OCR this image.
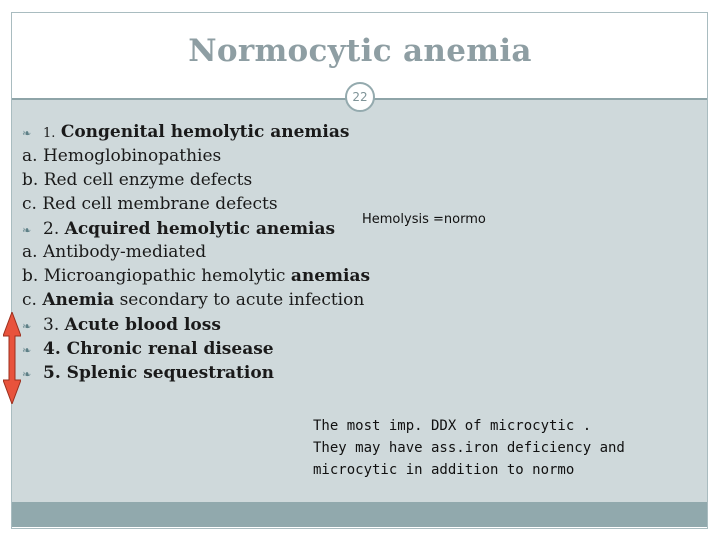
Normocytic anemia
22
❧ 1. Congenital hemolytic anemias
a. Hemoglobinopathies
b. Red cell enzyme defects
c. Red cell membrane defects
❧ 2. Acquired hemolytic anemias Hemolysis =normo
a. Antibody-mediated
b. Microangiopathic hemolytic anemias
c. Anemia secondary to acute infection
❧ 3. Acute blood loss
❧ 4. Chronic renal disease
❧ 5. Splenic sequestration
The most imp. DDX of microcytic .
They may have ass.iron deficiency and
microcytic in addition to normo
